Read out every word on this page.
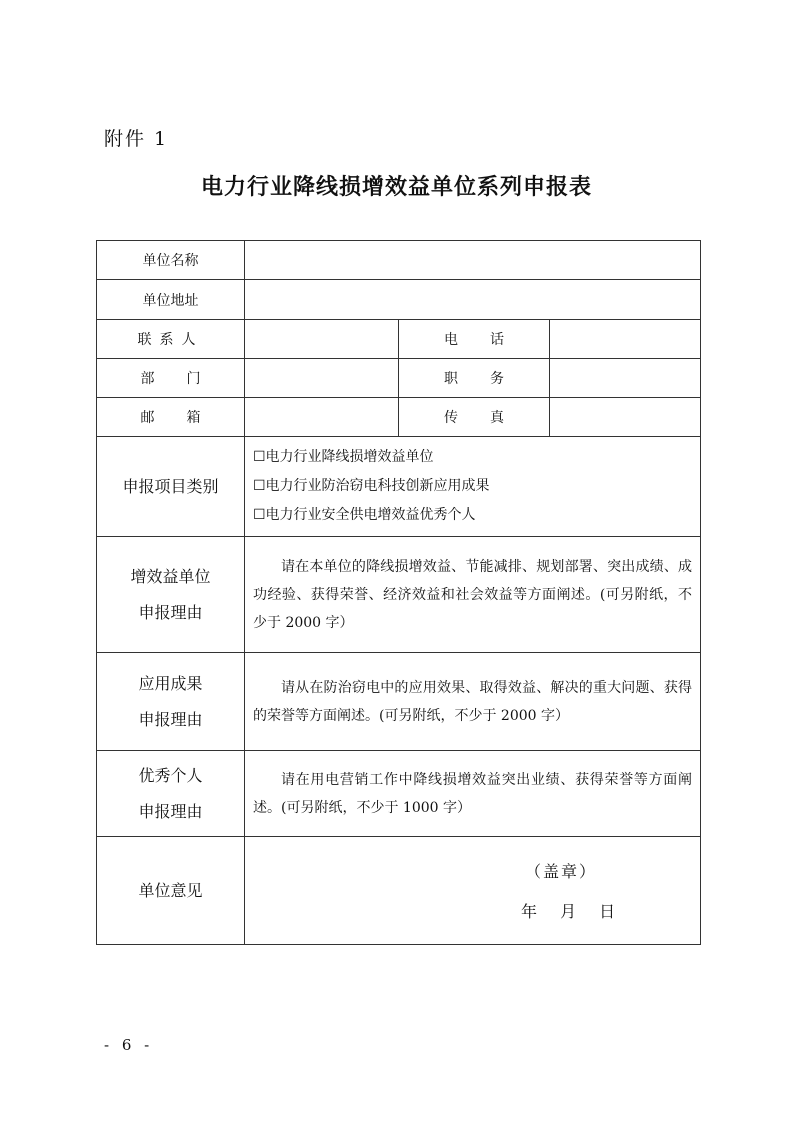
附件 1
电力行业降线损增效益单位系列申报表
单位名称			
单位地址			
联系人		电话	
部门		职务	
邮箱		传真	
申报项目类别	☐电力行业降线损增效益单位
☐电力行业防治窃电科技创新应用成果
☐电力行业安全供电增效益优秀个人		

增效益单位
申报理由	请在本单位的降线损增效益、节能减排、规划部署、突出成绩、成功经验、获得荣誉、经济效益和社会效益等方面阐述。(可另附纸，不少于 2000 字）		

应用成果
申报理由	请从在防治窃电中的应用效果、取得效益、解决的重大问题、获得的荣誉等方面阐述。(可另附纸，不少于 2000 字）		

优秀个人
申报理由	请在用电营销工作中降线损增效益突出业绩、获得荣誉等方面阐述。(可另附纸，不少于 1000 字）		
单位意见	（盖章）
年 月 日		
- 6 -
